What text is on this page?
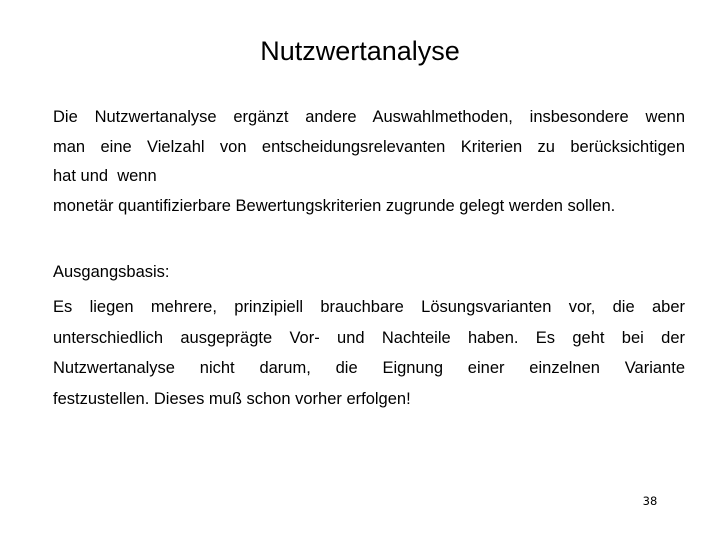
Nutzwertanalyse
Die Nutzwertanalyse ergänzt andere Auswahlmethoden, insbesondere wenn
man eine Vielzahl von entscheidungsrelevanten Kriterien zu berücksichtigen
hat und  wenn
monetär quantifizierbare Bewertungskriterien zugrunde gelegt werden sollen.
Ausgangsbasis:
Es liegen mehrere, prinzipiell brauchbare Lösungsvarianten vor, die aber
unterschiedlich ausgeprägte Vor- und Nachteile haben. Es geht bei der
Nutzwertanalyse nicht darum, die Eignung einer einzelnen Variante
festzustellen. Dieses muß schon vorher erfolgen!
38
